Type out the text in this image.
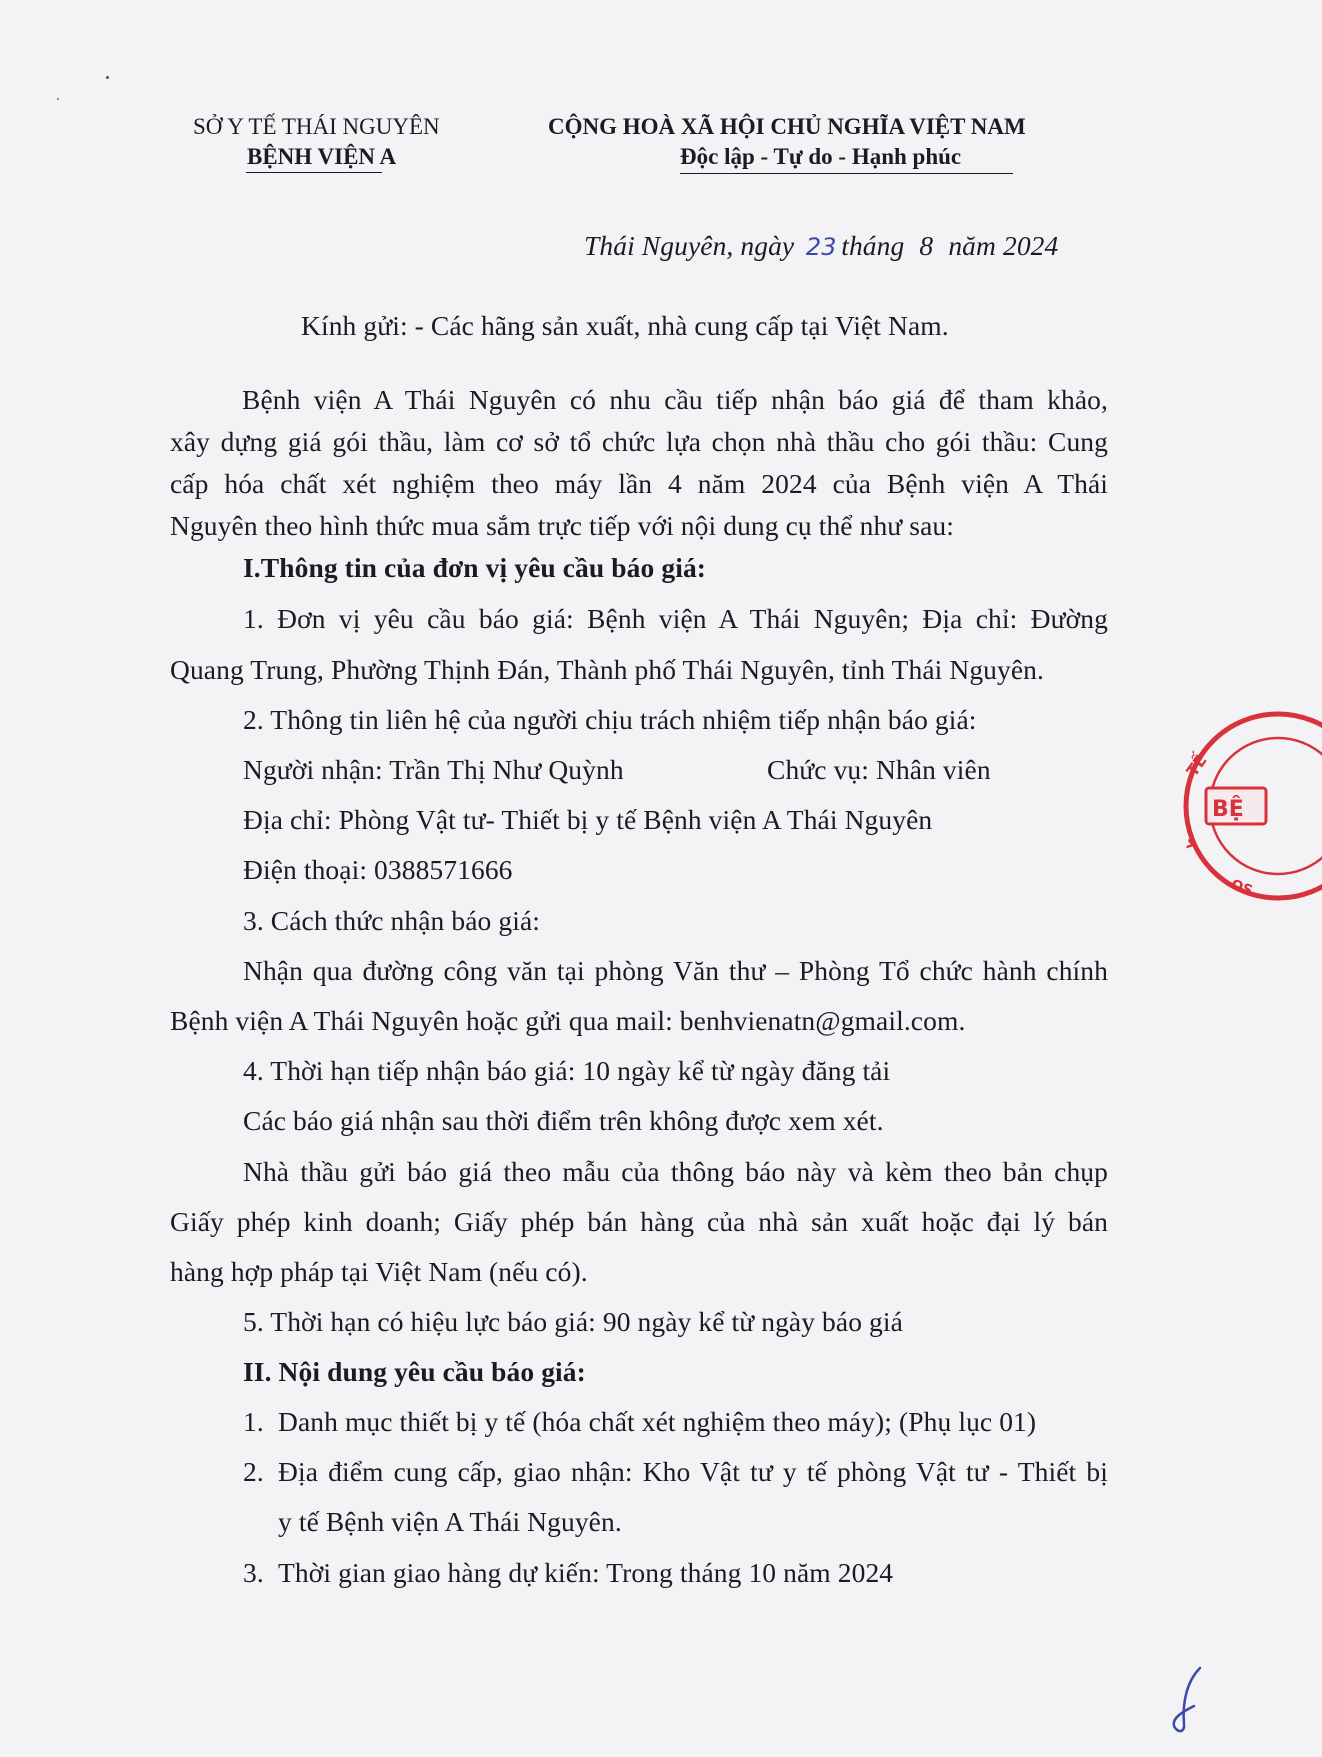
SỞ Y TẾ THÁI NGUYÊN
BỆNH VIỆN A
CỘNG HOÀ XÃ HỘI CHỦ NGHĨA VIỆT NAM
Độc lập - Tự do - Hạnh phúc
Thái Nguyên, ngày 23 tháng 8 năm 2024
Kính gửi: - Các hãng sản xuất, nhà cung cấp tại Việt Nam.
Bệnh viện A Thái Nguyên có nhu cầu tiếp nhận báo giá để tham khảo,
xây dựng giá gói thầu, làm cơ sở tổ chức lựa chọn nhà thầu cho gói thầu: Cung
cấp hóa chất xét nghiệm theo máy lần 4 năm 2024 của Bệnh viện A Thái
Nguyên theo hình thức mua sắm trực tiếp với nội dung cụ thể như sau:
I.Thông tin của đơn vị yêu cầu báo giá:
1. Đơn vị yêu cầu báo giá: Bệnh viện A Thái Nguyên; Địa chỉ: Đường
Quang Trung, Phường Thịnh Đán, Thành phố Thái Nguyên, tỉnh Thái Nguyên.
2. Thông tin liên hệ của người chịu trách nhiệm tiếp nhận báo giá:
Người nhận: Trần Thị Như Quỳnh	Chức vụ: Nhân viên
Địa chỉ: Phòng Vật tư- Thiết bị y tế Bệnh viện A Thái Nguyên
Điện thoại: 0388571666
3. Cách thức nhận báo giá:
Nhận qua đường công văn tại phòng Văn thư – Phòng Tổ chức hành chính
Bệnh viện A Thái Nguyên hoặc gửi qua mail: benhvienatn@gmail.com.
4. Thời hạn tiếp nhận báo giá: 10 ngày kể từ ngày đăng tải
Các báo giá nhận sau thời điểm trên không được xem xét.
Nhà thầu gửi báo giá theo mẫu của thông báo này và kèm theo bản chụp
Giấy phép kinh doanh; Giấy phép bán hàng của nhà sản xuất hoặc đại lý bán
hàng hợp pháp tại Việt Nam (nếu có).
5. Thời hạn có hiệu lực báo giá: 90 ngày kể từ ngày báo giá
II. Nội dung yêu cầu báo giá:
1. Danh mục thiết bị y tế (hóa chất xét nghiệm theo máy); (Phụ lục 01)
2. Địa điểm cung cấp, giao nhận: Kho Vật tư y tế phòng Vật tư - Thiết bị
y tế Bệnh viện A Thái Nguyên.
3. Thời gian giao hàng dự kiến: Trong tháng 10 năm 2024
BỆ
TẾ
Y
OS
